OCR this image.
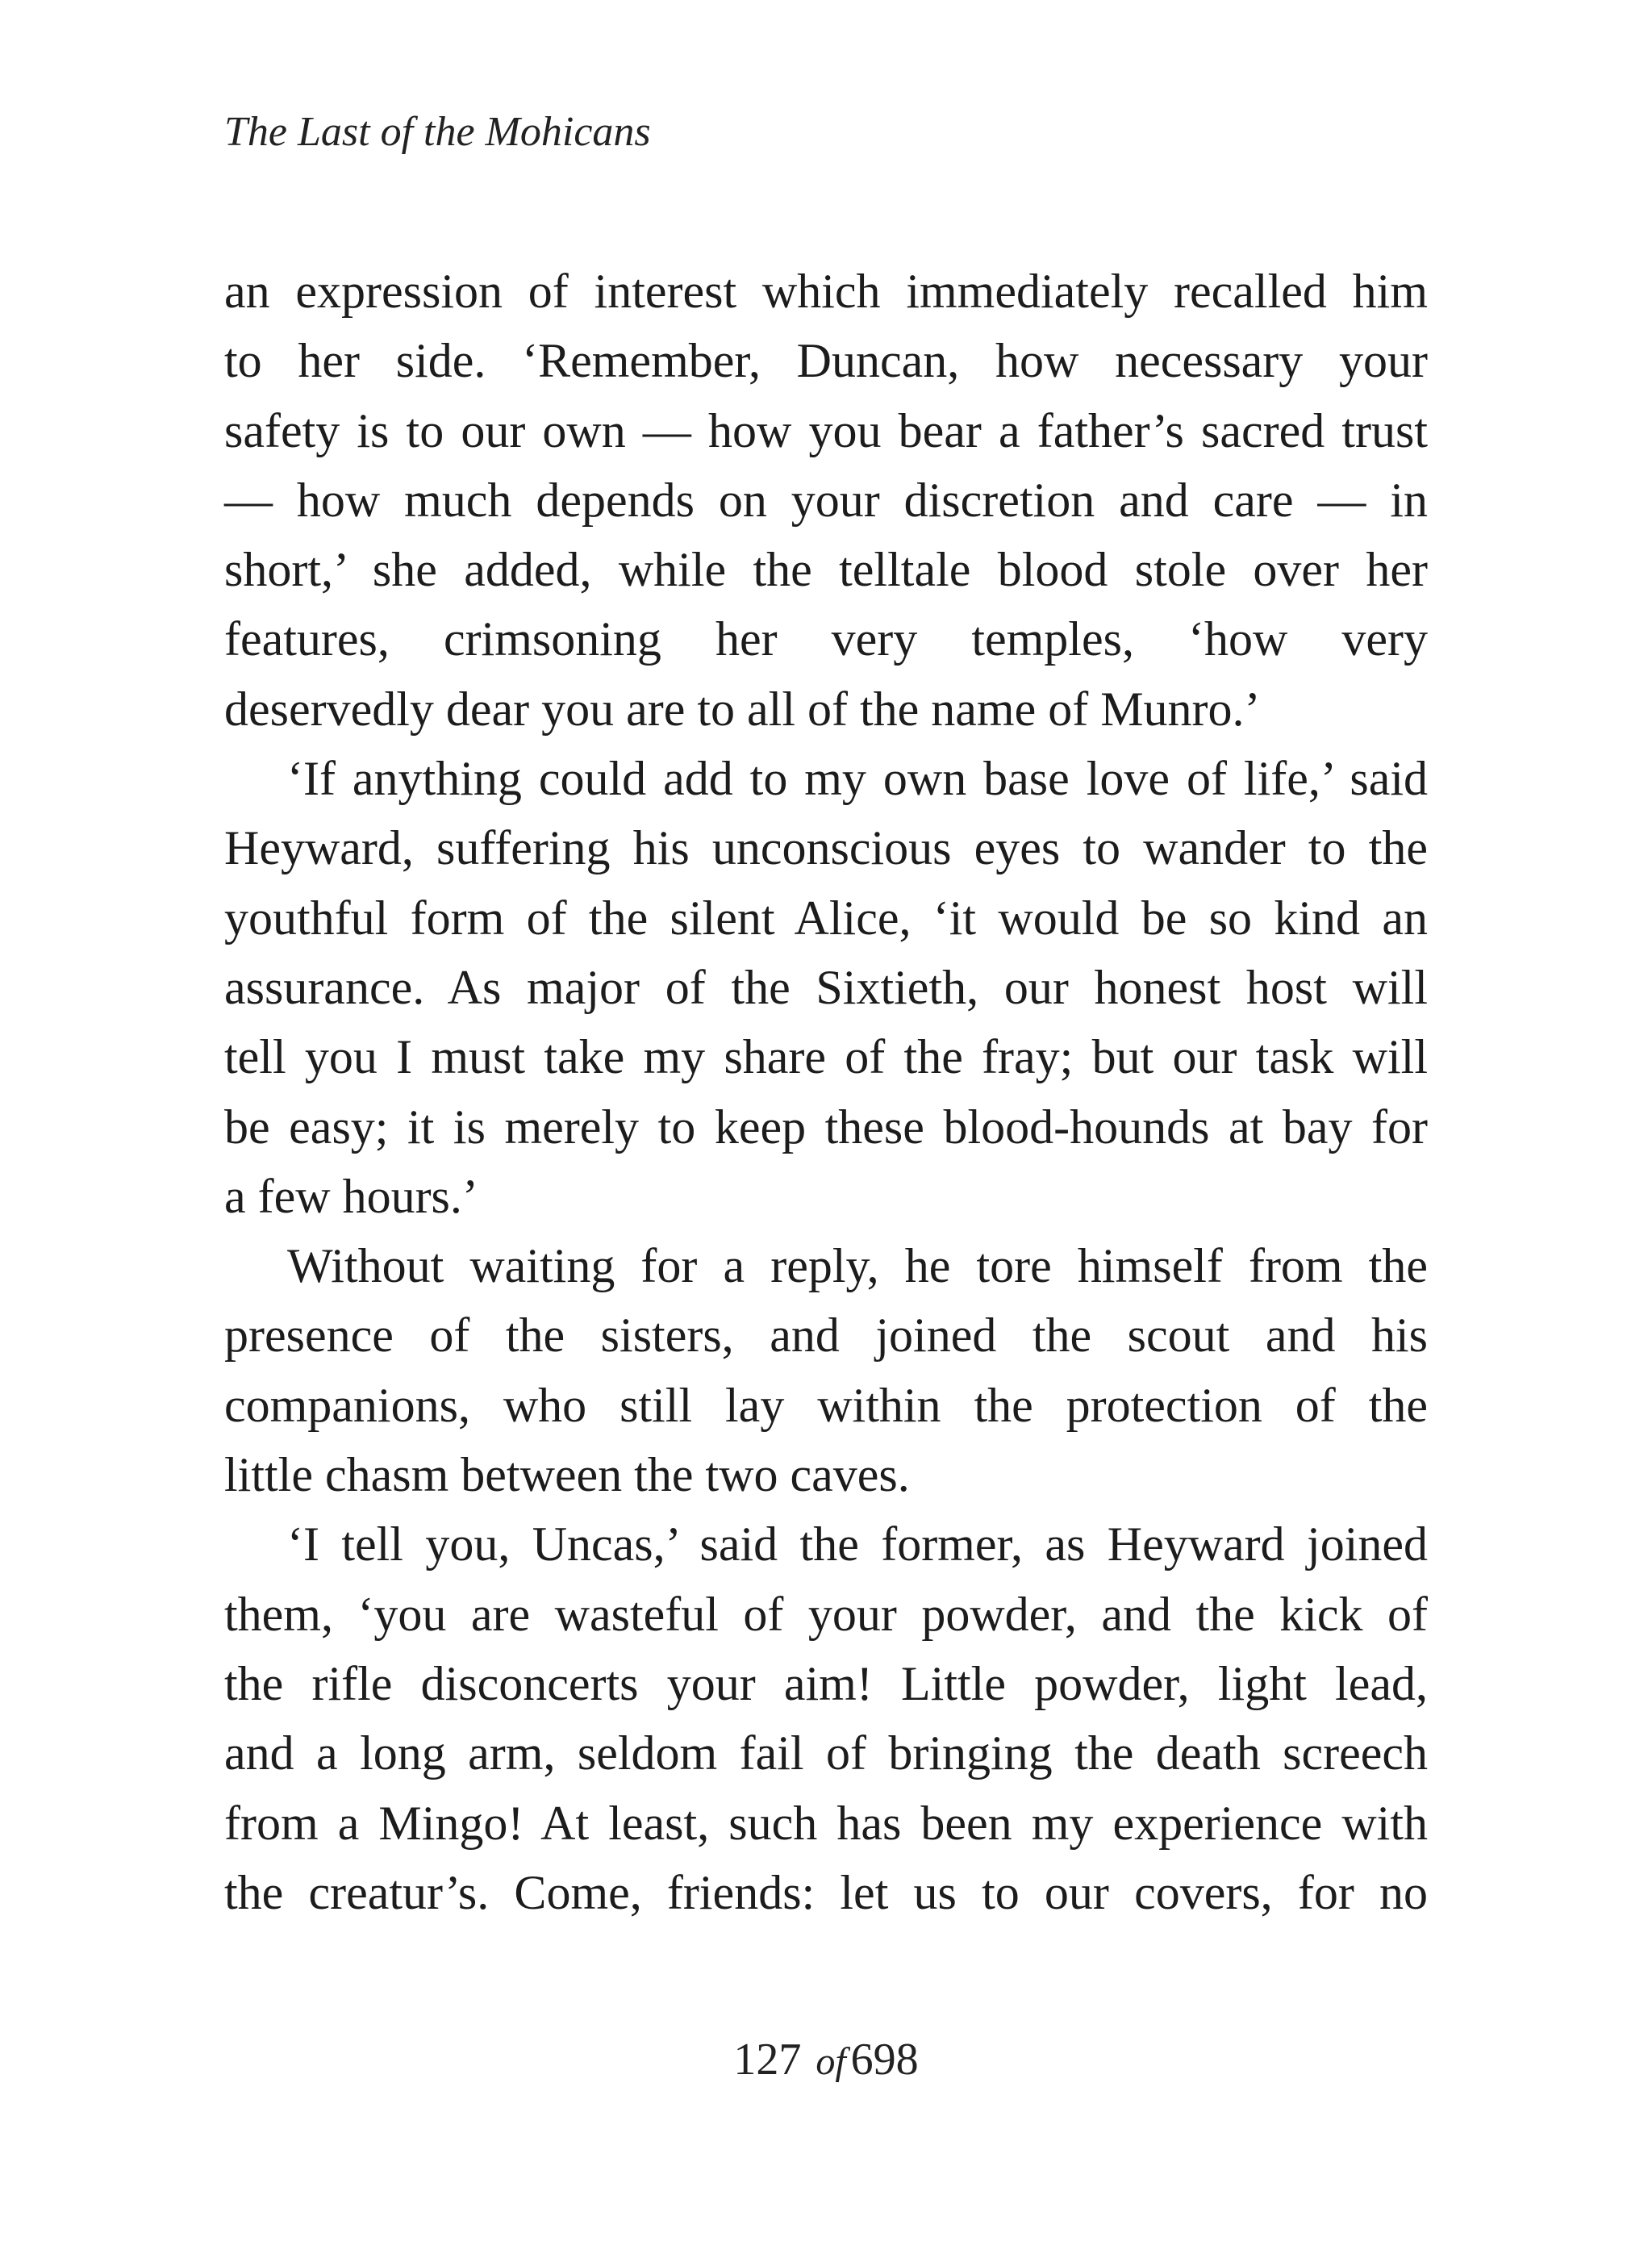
The Last of the Mohicans
an expression of interest which immediately recalled him
to her side. ‘Remember, Duncan, how necessary your
safety is to our own — how you bear a father’s sacred trust
— how much depends on your discretion and care — in
short,’ she added, while the telltale blood stole over her
features, crimsoning her very temples, ‘how very
deservedly dear you are to all of the name of Munro.’
‘If anything could add to my own base love of life,’ said
Heyward, suffering his unconscious eyes to wander to the
youthful form of the silent Alice, ‘it would be so kind an
assurance. As major of the Sixtieth, our honest host will
tell you I must take my share of the fray; but our task will
be easy; it is merely to keep these blood-hounds at bay for
a few hours.’
Without waiting for a reply, he tore himself from the
presence of the sisters, and joined the scout and his
companions, who still lay within the protection of the
little chasm between the two caves.
‘I tell you, Uncas,’ said the former, as Heyward joined
them, ‘you are wasteful of your powder, and the kick of
the rifle disconcerts your aim! Little powder, light lead,
and a long arm, seldom fail of bringing the death screech
from a Mingo! At least, such has been my experience with
the creatur’s. Come, friends: let us to our covers, for no
127 of 698
